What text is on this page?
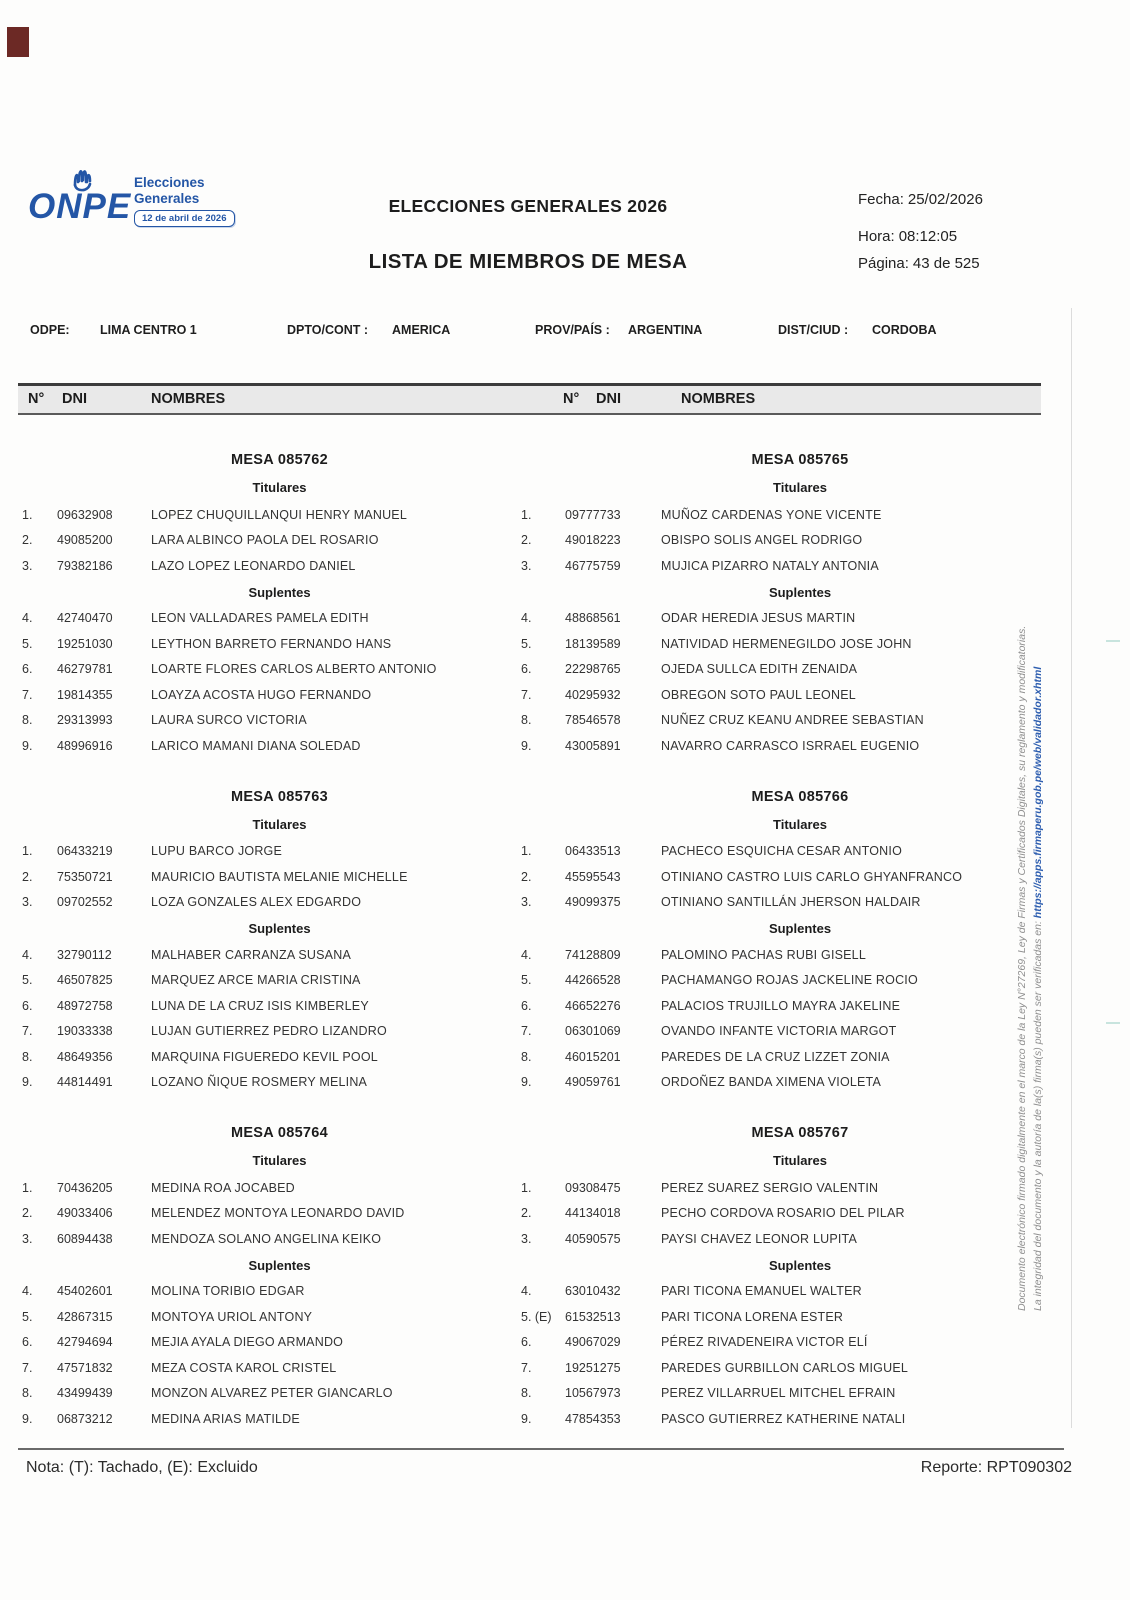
ONPE
Elecciones
Generales
12 de abril de 2026
ELECCIONES GENERALES 2026
LISTA DE MIEMBROS DE MESA
Fecha: 25/02/2026
Hora: 08:12:05
Página: 43 de 525
ODPE: LIMA CENTRO 1	DPTO/CONT : AMERICA	PROV/PAÍS : ARGENTINA	DIST/CIUD : CORDOBA
N° DNI	NOMBRES	N° DNI	NOMBRES
MESA 085762
Titulares
1.	09632908	LOPEZ CHUQUILLANQUI HENRY MANUEL
2.	49085200	LARA ALBINCO PAOLA DEL ROSARIO
3.	79382186	LAZO LOPEZ LEONARDO DANIEL
Suplentes
4.	42740470	LEON VALLADARES PAMELA EDITH
5.	19251030	LEYTHON BARRETO FERNANDO HANS
6.	46279781	LOARTE FLORES CARLOS ALBERTO ANTONIO
7.	19814355	LOAYZA ACOSTA HUGO FERNANDO
8.	29313993	LAURA SURCO VICTORIA
9.	48996916	LARICO MAMANI DIANA SOLEDAD
MESA 085765
Titulares
1.	09777733	MUÑOZ CARDENAS YONE VICENTE
2.	49018223	OBISPO SOLIS ANGEL RODRIGO
3.	46775759	MUJICA PIZARRO NATALY ANTONIA
Suplentes
4.	48868561	ODAR HEREDIA JESUS MARTIN
5.	18139589	NATIVIDAD HERMENEGILDO JOSE JOHN
6.	22298765	OJEDA SULLCA EDITH ZENAIDA
7.	40295932	OBREGON SOTO PAUL LEONEL
8.	78546578	NUÑEZ CRUZ KEANU ANDREE SEBASTIAN
9.	43005891	NAVARRO CARRASCO ISRRAEL EUGENIO
MESA 085763
Titulares
1.	06433219	LUPU BARCO JORGE
2.	75350721	MAURICIO BAUTISTA MELANIE MICHELLE
3.	09702552	LOZA GONZALES ALEX EDGARDO
Suplentes
4.	32790112	MALHABER CARRANZA SUSANA
5.	46507825	MARQUEZ ARCE MARIA CRISTINA
6.	48972758	LUNA DE LA CRUZ ISIS KIMBERLEY
7.	19033338	LUJAN GUTIERREZ PEDRO LIZANDRO
8.	48649356	MARQUINA FIGUEREDO KEVIL POOL
9.	44814491	LOZANO ÑIQUE ROSMERY MELINA
MESA 085766
Titulares
1.	06433513	PACHECO ESQUICHA CESAR ANTONIO
2.	45595543	OTINIANO CASTRO LUIS CARLO GHYANFRANCO
3.	49099375	OTINIANO SANTILLÁN JHERSON HALDAIR
Suplentes
4.	74128809	PALOMINO PACHAS RUBI GISELL
5.	44266528	PACHAMANGO ROJAS JACKELINE ROCIO
6.	46652276	PALACIOS TRUJILLO MAYRA JAKELINE
7.	06301069	OVANDO INFANTE VICTORIA MARGOT
8.	46015201	PAREDES DE LA CRUZ LIZZET ZONIA
9.	49059761	ORDOÑEZ BANDA XIMENA VIOLETA
MESA 085764
Titulares
1.	70436205	MEDINA ROA JOCABED
2.	49033406	MELENDEZ MONTOYA LEONARDO DAVID
3.	60894438	MENDOZA SOLANO ANGELINA KEIKO
Suplentes
4.	45402601	MOLINA TORIBIO EDGAR
5.	42867315	MONTOYA URIOL ANTONY
6.	42794694	MEJIA AYALA DIEGO ARMANDO
7.	47571832	MEZA COSTA KAROL CRISTEL
8.	43499439	MONZON ALVAREZ PETER GIANCARLO
9.	06873212	MEDINA ARIAS MATILDE
MESA 085767
Titulares
1.	09308475	PEREZ SUAREZ SERGIO VALENTIN
2.	44134018	PECHO CORDOVA ROSARIO DEL PILAR
3.	40590575	PAYSI CHAVEZ LEONOR LUPITA
Suplentes
4.	63010432	PARI TICONA EMANUEL WALTER
5. (E)	61532513	PARI TICONA LORENA ESTER
6.	49067029	PÉREZ RIVADENEIRA VICTOR ELÍ
7.	19251275	PAREDES GURBILLON CARLOS MIGUEL
8.	10567973	PEREZ VILLARRUEL MITCHEL EFRAIN
9.	47854353	PASCO GUTIERREZ KATHERINE NATALI
Documento electrónico firmado digitalmente en el marco de la Ley N°27269, Ley de Firmas y Certificados Digitales, su reglamento y modificatorias. La integridad del documento y la autoría de la(s) firma(s) pueden ser verificadas en: https://apps.firmaperu.gob.pe/web/validador.xhtml
Nota: (T): Tachado, (E): Excluido	Reporte: RPT090302
